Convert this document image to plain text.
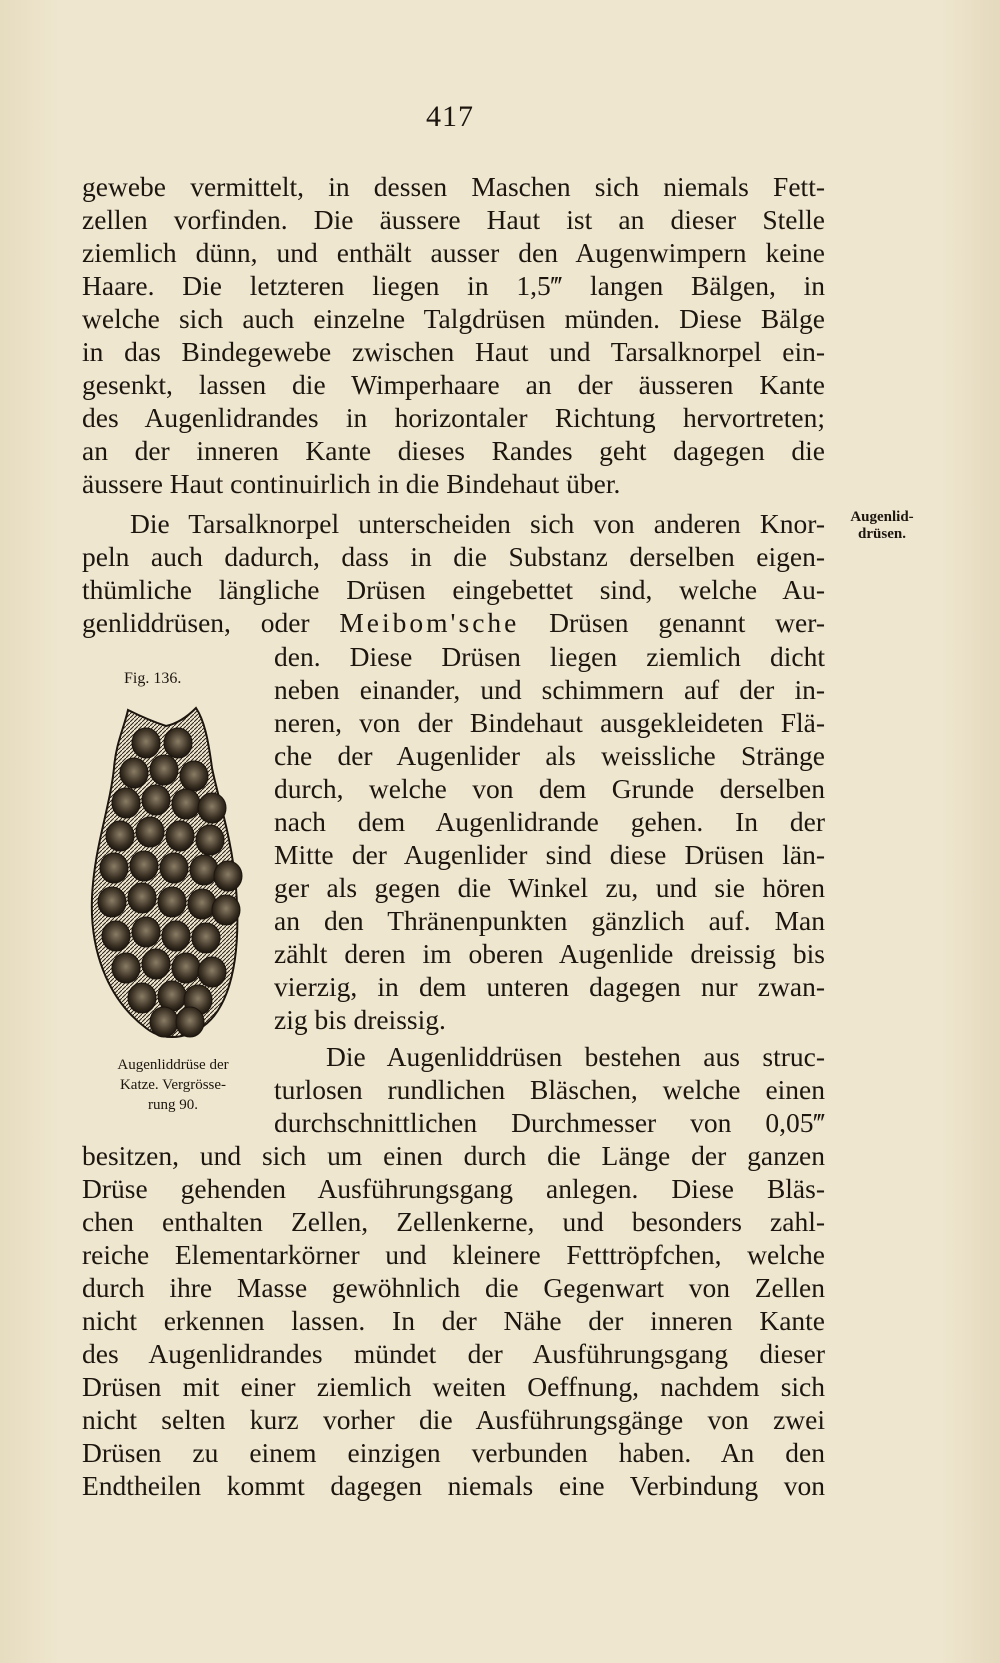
417
gewebe vermittelt, in dessen Maschen sich niemals Fett-
zellen vorfinden. Die äussere Haut ist an dieser Stelle
ziemlich dünn, und enthält ausser den Augenwimpern keine
Haare. Die letzteren liegen in 1,5‴ langen Bälgen, in
welche sich auch einzelne Talgdrüsen münden. Diese Bälge
in das Bindegewebe zwischen Haut und Tarsalknorpel ein-
gesenkt, lassen die Wimperhaare an der äusseren Kante
des Augenlidrandes in horizontaler Richtung hervortreten;
an der inneren Kante dieses Randes geht dagegen die
äussere Haut continuirlich in die Bindehaut über.
Die Tarsalknorpel unterscheiden sich von anderen Knor-
peln auch dadurch, dass in die Substanz derselben eigen-
thümliche längliche Drüsen eingebettet sind, welche Au-
genliddrüsen, oder Meibom'sche Drüsen genannt wer-
den. Diese Drüsen liegen ziemlich dicht
neben einander, und schimmern auf der in-
neren, von der Bindehaut ausgekleideten Flä-
che der Augenlider als weissliche Stränge
durch, welche von dem Grunde derselben
nach dem Augenlidrande gehen. In der
Mitte der Augenlider sind diese Drüsen län-
ger als gegen die Winkel zu, und sie hören
an den Thränenpunkten gänzlich auf. Man
zählt deren im oberen Augenlide dreissig bis
vierzig, in dem unteren dagegen nur zwan-
zig bis dreissig.
Die Augenliddrüsen bestehen aus struc-
turlosen rundlichen Bläschen, welche einen
durchschnittlichen Durchmesser von 0,05‴
besitzen, und sich um einen durch die Länge der ganzen
Drüse gehenden Ausführungsgang anlegen. Diese Bläs-
chen enthalten Zellen, Zellenkerne, und besonders zahl-
reiche Elementarkörner und kleinere Fetttröpfchen, welche
durch ihre Masse gewöhnlich die Gegenwart von Zellen
nicht erkennen lassen. In der Nähe der inneren Kante
des Augenlidrandes mündet der Ausführungsgang dieser
Drüsen mit einer ziemlich weiten Oeffnung, nachdem sich
nicht selten kurz vorher die Ausführungsgänge von zwei
Drüsen zu einem einzigen verbunden haben. An den
Endtheilen kommt dagegen niemals eine Verbindung von
Augenlid-
drüsen.
Fig. 136.
Augenliddrüse der
Katze. Vergrösse-
rung 90.
